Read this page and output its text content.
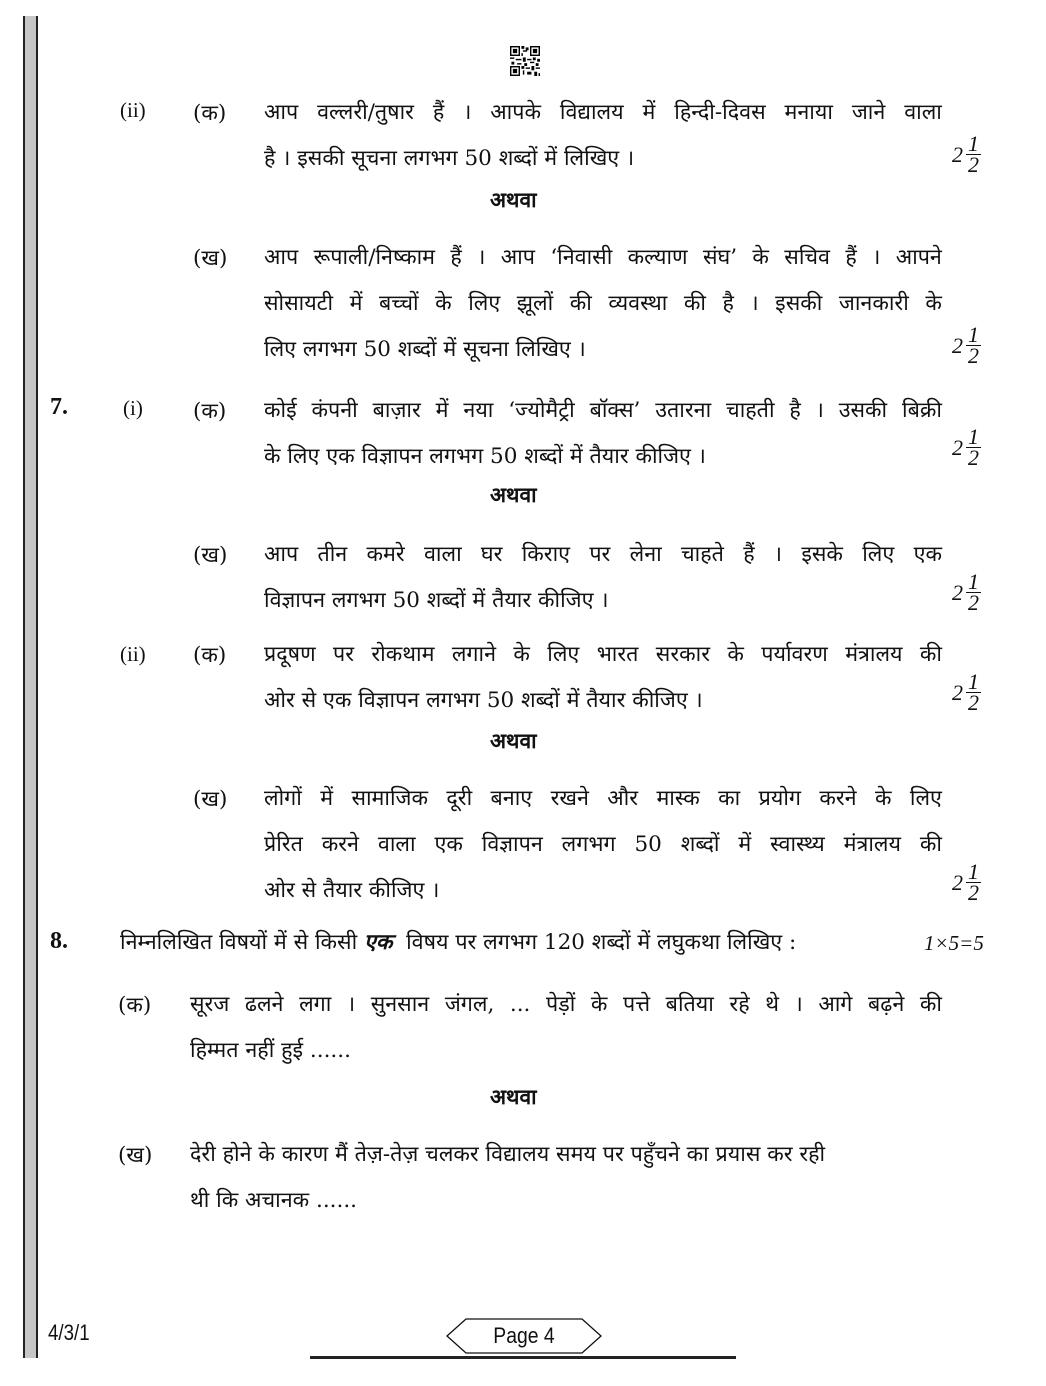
(ii) (क) आप वल्लरी/तुषार हैं । आपके विद्यालय में हिन्दी-दिवस मनाया जाने वाला
है । इसकी सूचना लगभग 50 शब्दों में लिखिए ।	$2 \frac{1}{2}$
अथवा
(ख) आप रूपाली/निष्काम हैं । आप ‘निवासी कल्याण संघ’ के सचिव हैं । आपने
सोसायटी में बच्चों के लिए झूलों की व्यवस्था की है । इसकी जानकारी के
लिए लगभग 50 शब्दों में सूचना लिखिए ।	$2 \frac{1}{2}$
7.	(i) (क) कोई कंपनी बाज़ार में नया ‘ज्योमैट्री बॉक्स’ उतारना चाहती है । उसकी बिक्री
के लिए एक विज्ञापन लगभग 50 शब्दों में तैयार कीजिए ।	$2 \frac{1}{2}$
अथवा
(ख) आप तीन कमरे वाला घर किराए पर लेना चाहते हैं । इसके लिए एक
विज्ञापन लगभग 50 शब्दों में तैयार कीजिए ।	$2 \frac{1}{2}$
(ii) (क) प्रदूषण पर रोकथाम लगाने के लिए भारत सरकार के पर्यावरण मंत्रालय की
ओर से एक विज्ञापन लगभग 50 शब्दों में तैयार कीजिए ।	$2 \frac{1}{2}$
अथवा
(ख) लोगों में सामाजिक दूरी बनाए रखने और मास्क का प्रयोग करने के लिए
प्रेरित करने वाला एक विज्ञापन लगभग 50 शब्दों में स्वास्थ्य मंत्रालय की
ओर से तैयार कीजिए ।	$2 \frac{1}{2}$
8. निम्नलिखित विषयों में से किसी एक विषय पर लगभग 120 शब्दों में लघुकथा लिखिए :	1×5=5
(क) सूरज ढलने लगा । सुनसान जंगल, ... पेड़ों के पत्ते बतिया रहे थे । आगे बढ़ने की
हिम्मत नहीं हुई ......
अथवा
(ख) देरी होने के कारण मैं तेज़-तेज़ चलकर विद्यालय समय पर पहुँचने का प्रयास कर रही
थी कि अचानक ......
4/3/1	Page 4
